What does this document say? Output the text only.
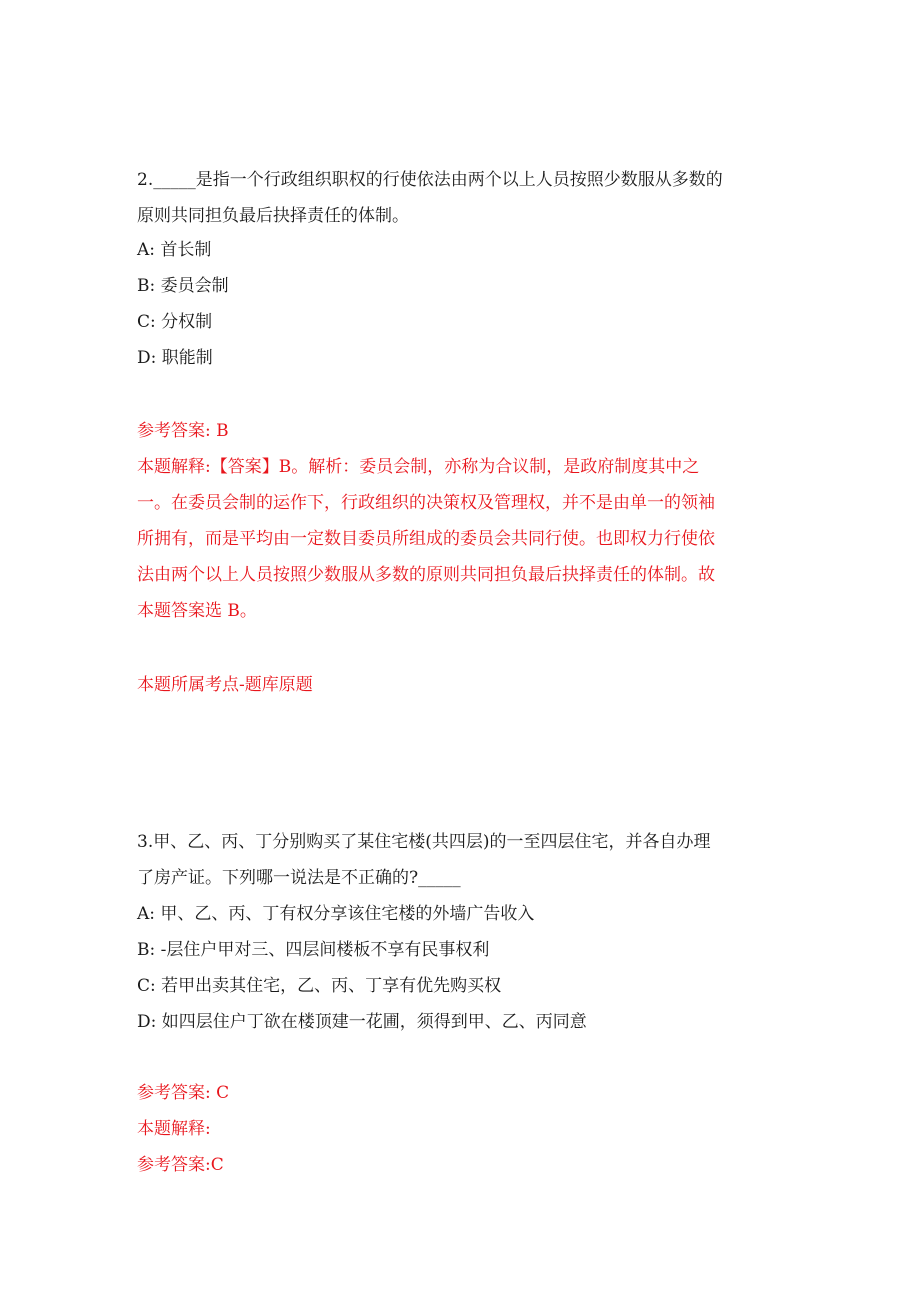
2._____是指一个行政组织职权的行使依法由两个以上人员按照少数服从多数的
原则共同担负最后抉择责任的体制。
A: 首长制
B: 委员会制
C: 分权制
D: 职能制
参考答案: B
本题解释:【答案】B。解析：委员会制，亦称为合议制，是政府制度其中之
一。在委员会制的运作下，行政组织的决策权及管理权，并不是由单一的领袖
所拥有，而是平均由一定数目委员所组成的委员会共同行使。也即权力行使依
法由两个以上人员按照少数服从多数的原则共同担负最后抉择责任的体制。故
本题答案选 B。
本题所属考点-题库原题
3.甲、乙、丙、丁分别购买了某住宅楼(共四层)的一至四层住宅，并各自办理
了房产证。下列哪一说法是不正确的?_____
A: 甲、乙、丙、丁有权分享该住宅楼的外墙广告收入
B: -层住户甲对三、四层间楼板不享有民事权利
C: 若甲出卖其住宅，乙、丙、丁享有优先购买权
D: 如四层住户丁欲在楼顶建一花圃，须得到甲、乙、丙同意
参考答案: C
本题解释:
参考答案:C
